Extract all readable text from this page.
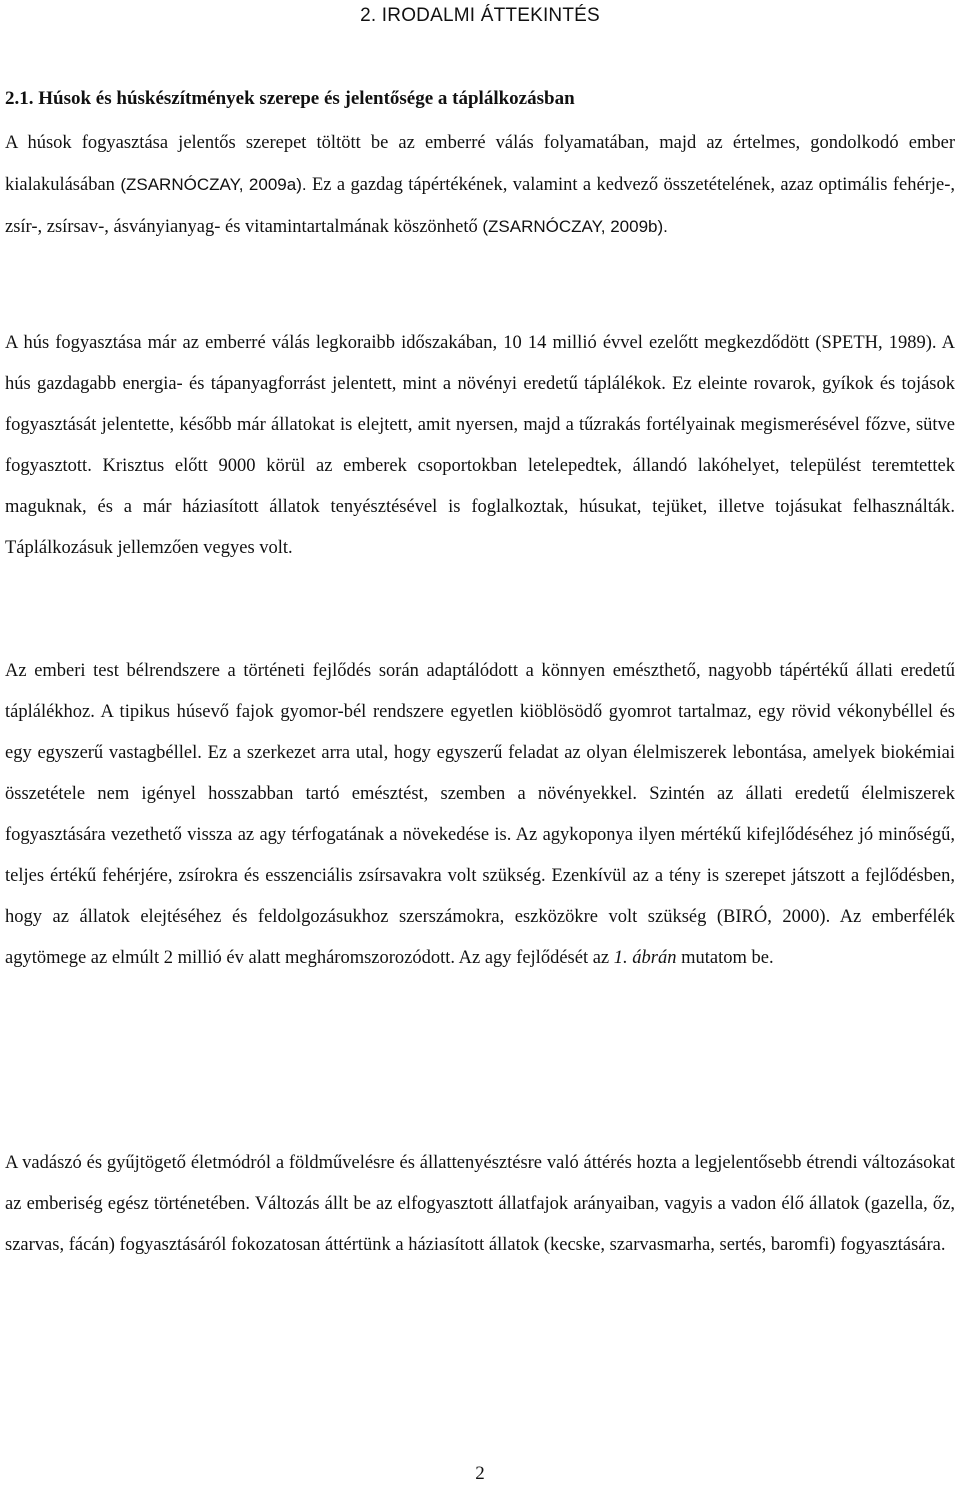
2. IRODALMI ÁTTEKINTÉS
2.1. Húsok és húskészítmények szerepe és jelentősége a táplálkozásban

A húsok fogyasztása jelentős szerepet töltött be az emberré válás folyamatában, majd az értelmes, gondolkodó ember kialakulásában (ZSARNÓCZAY, 2009a). Ez a gazdag tápértékének, valamint a kedvező összetételének, azaz optimális fehérje-, zsír-, zsírsav-, ásványianyag- és vitamintartalmának köszönhető (ZSARNÓCZAY, 2009b).

A hús fogyasztása már az emberré válás legkoraibb időszakában, 10 14 millió évvel ezelőtt megkezdődött (SPETH, 1989). A hús gazdagabb energia- és tápanyagforrást jelentett, mint a növényi eredetű táplálékok. Ez eleinte rovarok, gyíkok és tojások fogyasztását jelentette, később már állatokat is elejtett, amit nyersen, majd a tűzrakás fortélyainak megismerésével főzve, sütve fogyasztott. Krisztus előtt 9000 körül az emberek csoportokban letelepedtek, állandó lakóhelyet, települést teremtettek maguknak, és a már háziasított állatok tenyésztésével is foglalkoztak, húsukat, tejüket, illetve tojásukat felhasználták. Táplálkozásuk jellemzően vegyes volt.

Az emberi test bélrendszere a történeti fejlődés során adaptálódott a könnyen emészthető, nagyobb tápértékű állati eredetű táplálékhoz. A tipikus húsevő fajok gyomor-bél rendszere egyetlen kiöblösödő gyomrot tartalmaz, egy rövid vékonybéllel és egy egyszerű vastagbéllel. Ez a szerkezet arra utal, hogy egyszerű feladat az olyan élelmiszerek lebontása, amelyek biokémiai összetétele nem igényel hosszabban tartó emésztést, szemben a növényekkel. Szintén az állati eredetű élelmiszerek fogyasztására vezethető vissza az agy térfogatának a növekedése is. Az agykoponya ilyen mértékű kifejlődéséhez jó minőségű, teljes értékű fehérjére, zsírokra és esszenciális zsírsavakra volt szükség. Ezenkívül az a tény is szerepet játszott a fejlődésben, hogy az állatok elejtéséhez és feldolgozásukhoz szerszámokra, eszközökre volt szükség (BIRÓ, 2000). Az emberfélék agytömege az elmúlt 2 millió év alatt megháromszorozódott. Az agy fejlődését az 1. ábrán mutatom be.

A vadászó és gyűjtögető életmódról a földművelésre és állattenyésztésre való áttérés hozta a legjelentősebb étrendi változásokat az emberiség egész történetében. Változás állt be az elfogyasztott állatfajok arányaiban, vagyis a vadon élő állatok (gazella, őz, szarvas, fácán) fogyasztásáról fokozatosan áttértünk a háziasított állatok (kecske, szarvasmarha, sertés, baromfi) fogyasztására.

2
